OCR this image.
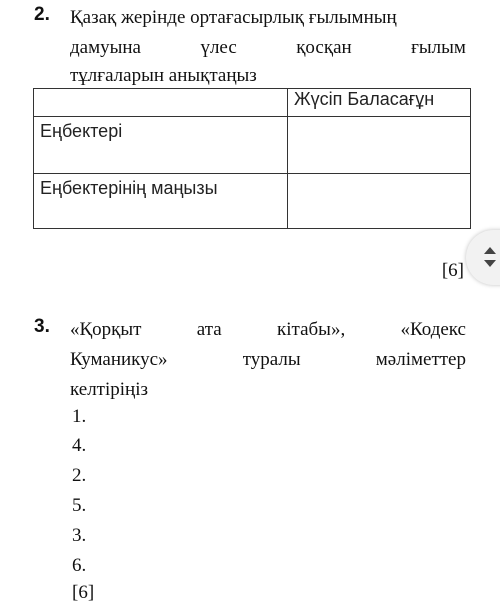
2. Қазақ жерінде ортағасырлық ғылымның
дамуына	үлес	қосқан	ғылым
тұлғаларын анықтаңыз
	Жүсіп Баласағұн
Еңбектері	
Еңбектерінің маңызы	
[6]
3. «Қорқыт	ата	кітабы»,	«Кодекс
Куманикус»	туралы	мәліметтер
келтіріңіз
1.
4.
2.
5.
3.
6.
[6]
